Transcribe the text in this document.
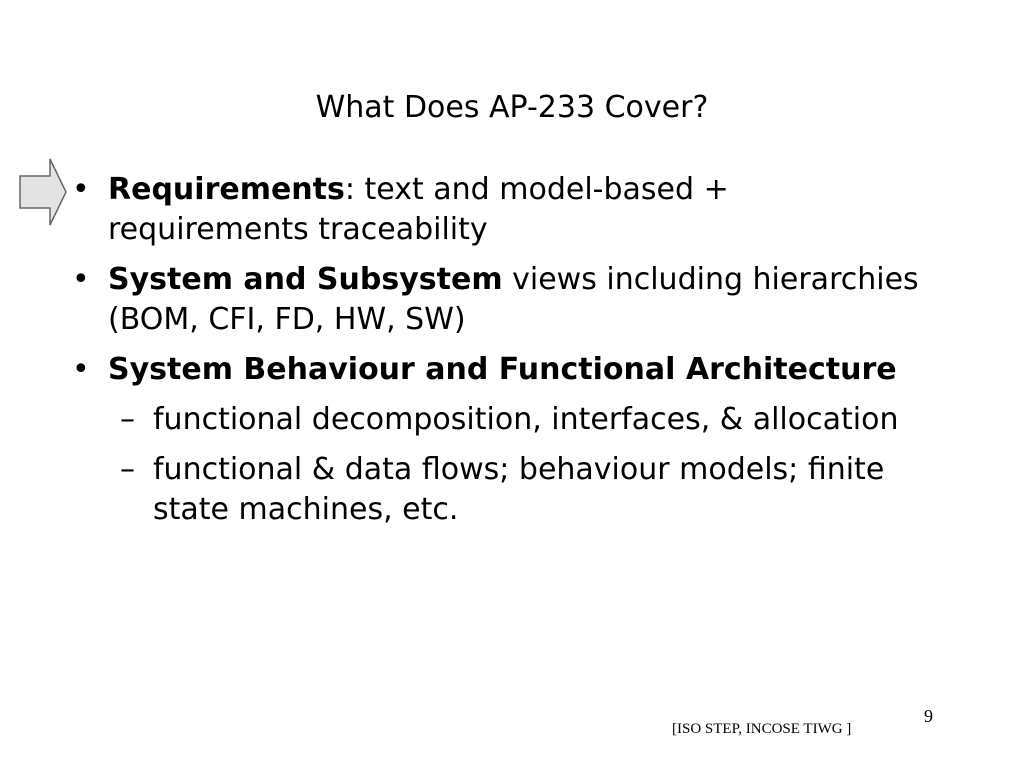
What Does AP-233 Cover?
• Requirements: text and model-based + requirements traceability
• System and Subsystem views including hierarchies (BOM, CFI, FD, HW, SW)
• System Behaviour and Functional Architecture
– functional decomposition, interfaces, & allocation
– functional & data flows; behaviour models; finite state machines, etc.
9
[ISO STEP, INCOSE TIWG ]
